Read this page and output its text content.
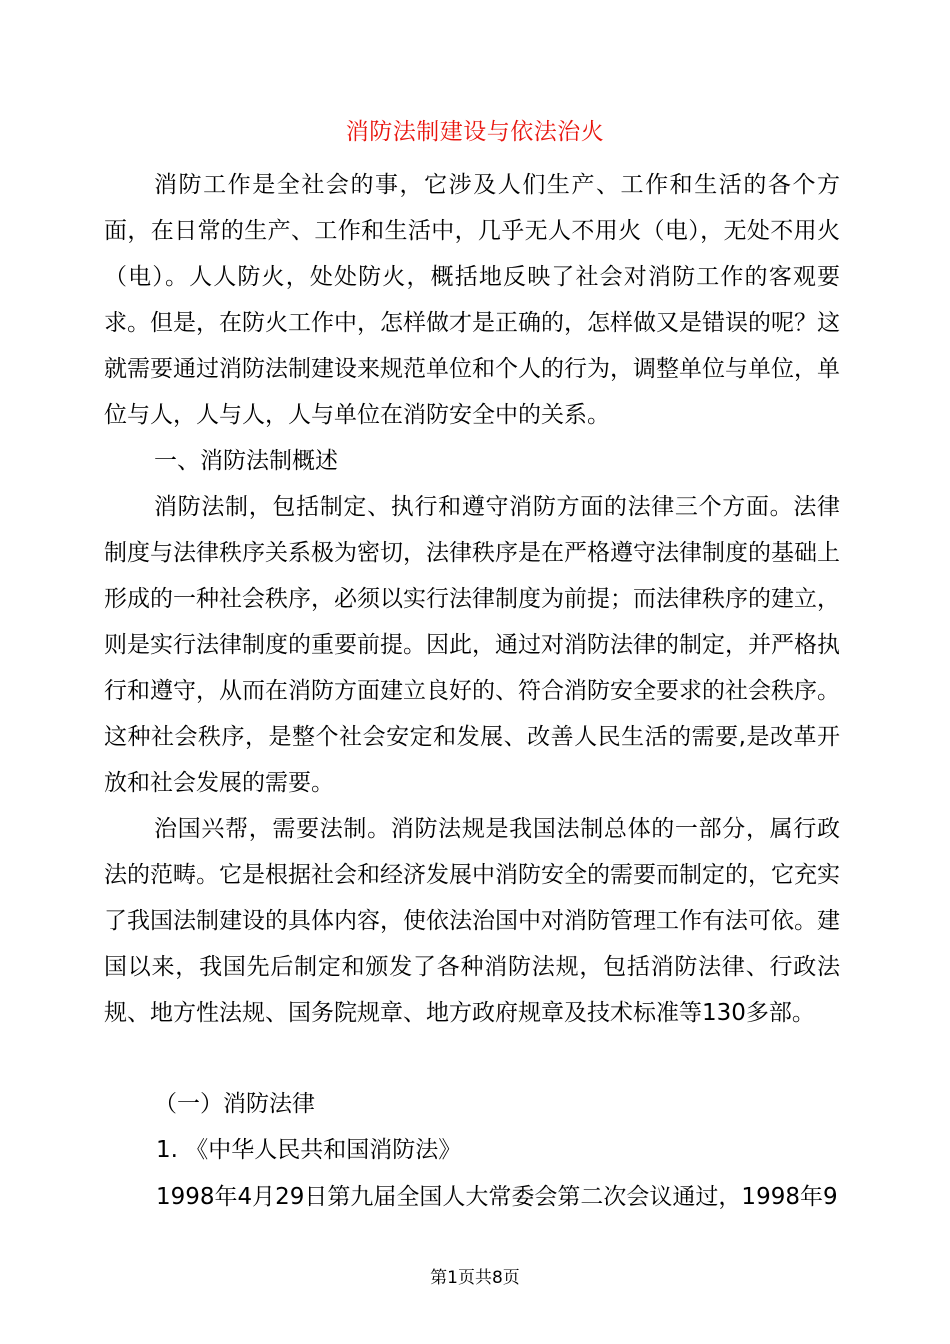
消防法制建设与依法治火
消防工作是全社会的事，它涉及人们生产、工作和生活的各个方面，在日常的生产、工作和生活中，几乎无人不用火（电），无处不用火（电）。人人防火，处处防火，概括地反映了社会对消防工作的客观要求。但是，在防火工作中，怎样做才是正确的，怎样做又是错误的呢？这就需要通过消防法制建设来规范单位和个人的行为，调整单位与单位，单位与人，人与人，人与单位在消防安全中的关系。
一、消防法制概述
消防法制，包括制定、执行和遵守消防方面的法律三个方面。法律制度与法律秩序关系极为密切，法律秩序是在严格遵守法律制度的基础上形成的一种社会秩序，必须以实行法律制度为前提；而法律秩序的建立，则是实行法律制度的重要前提。因此，通过对消防法律的制定，并严格执行和遵守，从而在消防方面建立良好的、符合消防安全要求的社会秩序。这种社会秩序，是整个社会安定和发展、改善人民生活的需要,是改革开放和社会发展的需要。
治国兴帮，需要法制。消防法规是我国法制总体的一部分，属行政法的范畴。它是根据社会和经济发展中消防安全的需要而制定的，它充实了我国法制建设的具体内容，使依法治国中对消防管理工作有法可依。建国以来，我国先后制定和颁发了各种消防法规，包括消防法律、行政法规、地方性法规、国务院规章、地方政府规章及技术标准等130多部。
（一）消防法律
1. 《中华人民共和国消防法》
1998年4月29日第九届全国人大常委会第二次会议通过，1998年9
第1页共8页
